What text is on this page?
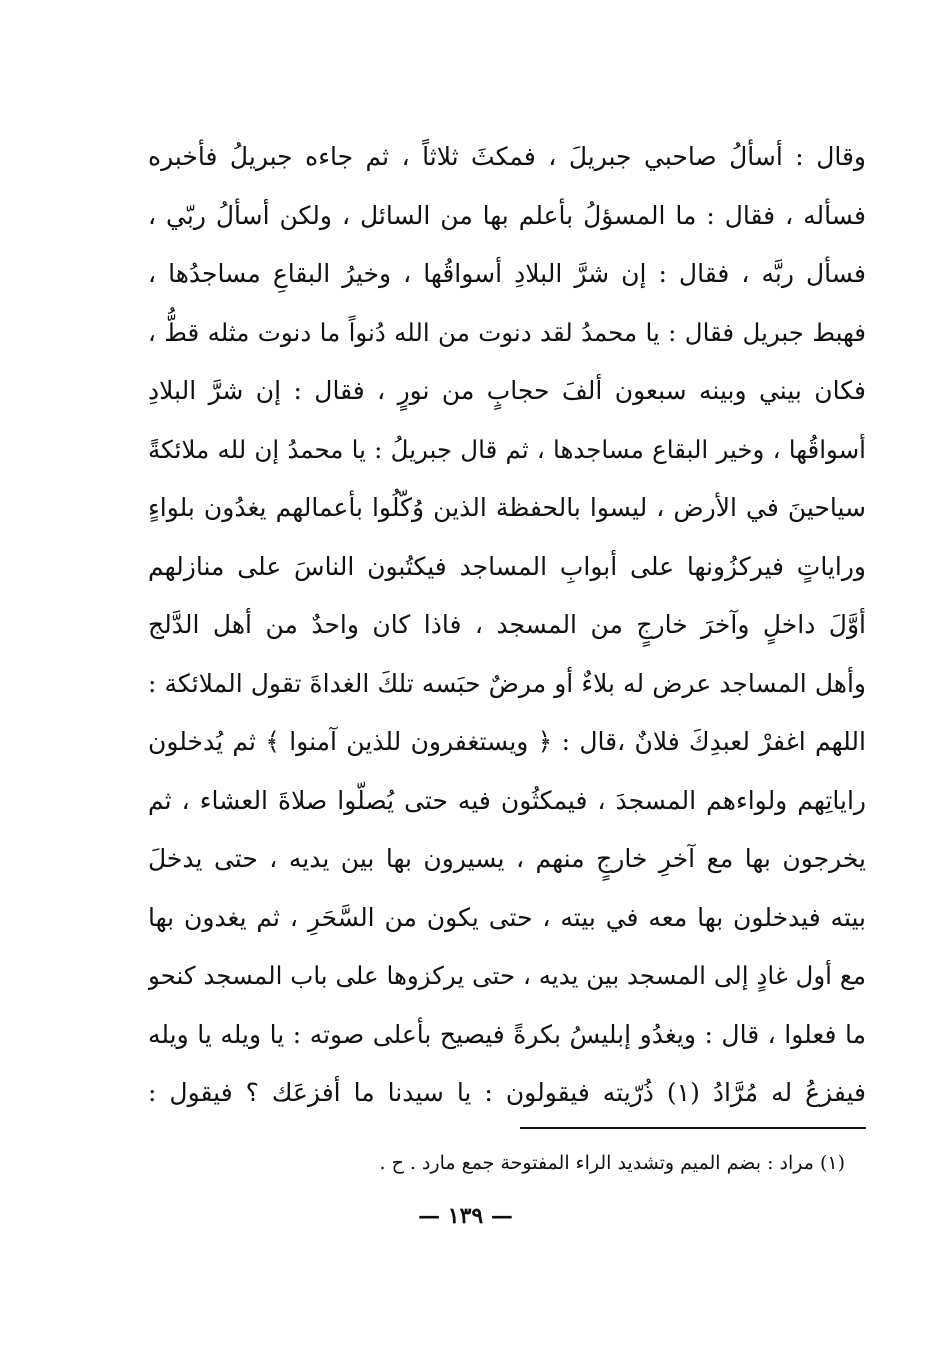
وقال : أسألُ صاحبي جبريلَ ، فمكثَ ثلاثاً ، ثم جاءه جبريلُ فأخبره
فسأله ، فقال : ما المسؤلُ بأعلم بها من السائل ، ولكن أسألُ ربّي ،
فسأل ربَّه ، فقال : إن شرَّ البلادِ أسواقُها ، وخيرُ البقاعِ مساجدُها ،
فهبط جبريل فقال : يا محمدُ لقد دنوت من الله دُنواً ما دنوت مثله قطُّ ،
فكان بيني وبينه سبعون ألفَ حجابٍ من نورٍ ، فقال : إن شرَّ البلادِ
أسواقُها ، وخير البقاع مساجدها ، ثم قال جبريلُ : يا محمدُ إن لله ملائكةً
سياحينَ في الأرض ، ليسوا بالحفظة الذين وُكّلُوا بأعمالهم يغدُون بلواءٍ
وراياتٍ فيركزُونها على أبوابِ المساجد فيكتُبون الناسَ على منازلهم
أوَّلَ داخلٍ وآخرَ خارجٍ من المسجد ، فاذا كان واحدٌ من أهل الدَّلج
وأهل المساجد عرض له بلاءٌ أو مرضٌ حبَسه تلكَ الغداةَ تقول الملائكة :
اللهم اغفرْ لعبدِكَ فلانٌ ،قال : ﴿ ويستغفرون للذين آمنوا ﴾ ثم يُدخلون
راياتِهم ولواءهم المسجدَ ، فيمكثُون فيه حتى يُصلّوا صلاةَ العشاء ، ثم
يخرجون بها مع آخرِ خارجٍ منهم ، يسيرون بها بين يديه ، حتى يدخلَ
بيته فيدخلون بها معه في بيته ، حتى يكون من السَّحَرِ ، ثم يغدون بها
مع أول غادٍ إلى المسجد بين يديه ، حتى يركزوها على باب المسجد كنحو
ما فعلوا ، قال : ويغدُو إبليسُ بكرةً فيصيح بأعلى صوته : يا ويله يا ويله
فيفزعُ له مُرَّادُ (١) ذُرّيته فيقولون : يا سيدنا ما أفزعَك ؟ فيقول :
(١) مراد : بضم الميم وتشديد الراء المفتوحة جمع مارد . ح .
— ١٣٩ —
